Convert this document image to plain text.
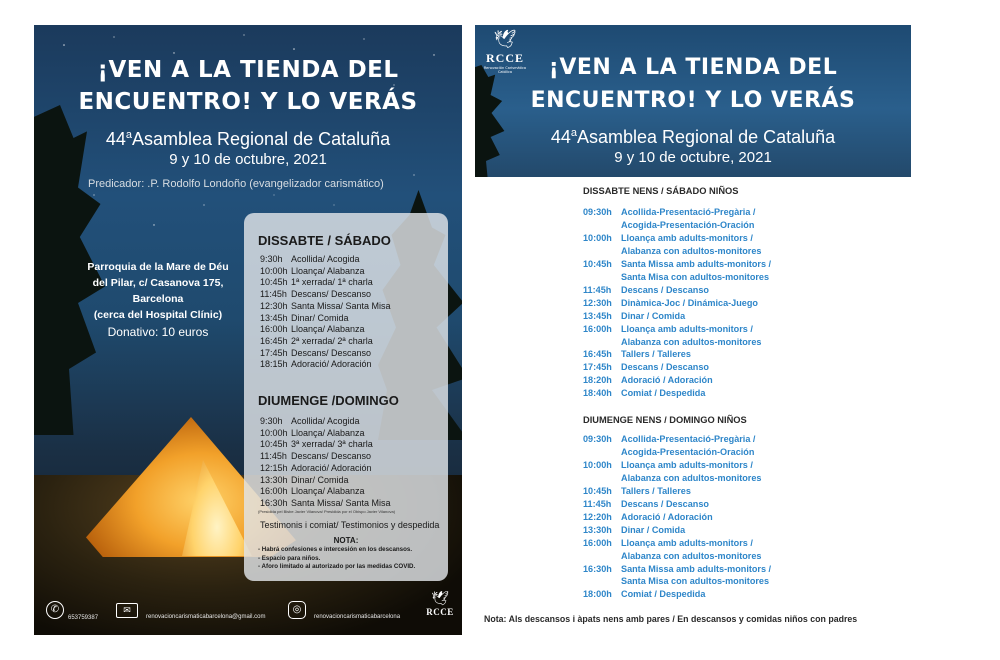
¡VEN A LA TIENDA DEL
ENCUENTRO! Y LO VERÁS
44$^a$Asamblea Regional de Cataluña
9 y 10 de octubre, 2021
Predicador: .P. Rodolfo Londoño (evangelizador carismático)
Parroquia de la Mare de Déu
del Pilar, c/ Casanova 175,
Barcelona
(cerca del Hospital Clínic)
Donativo: 10 euros
DISSABTE / SÁBADO
9:30h Acollida/ Acogida
10:00h Lloança/ Alabanza
10:45h 1ª xerrada/ 1ª charla
11:45h Descans/ Descanso
12:30h Santa Missa/ Santa Misa
13:45h Dinar/ Comida
16:00h Lloança/ Alabanza
16:45h 2ª xerrada/ 2ª charla
17:45h Descans/ Descanso
18:15h Adoració/ Adoración
DIUMENGE /DOMINGO
9:30h Acollida/ Acogida
10:00h Lloança/ Alabanza
10:45h 3ª xerrada/ 3ª charla
11:45h Descans/ Descanso
12:15h Adoració/ Adoración
13:30h Dinar/ Comida
16:00h Lloança/ Alabanza
16:30h Santa Missa/ Santa Misa
(Presidida pel Bisbe Javier Vilanova/ Presidida por el Obispo Javier Vilanova)
Testimonis i comiat/ Testimonios y despedida
NOTA:
- Habrá confesiones e intercesión en los descansos.
- Espacio para niños.
- Aforo limitado al autorizado por las medidas COVID.
✆
653759387
✉
renovacioncarismaticabarcelona@gmail.com
◎
renovacioncarismaticabarcelona
🕊
RCCE
🕊
RCCE
Renovación Carismática Católica	¡VEN A LA TIENDA DEL
ENCUENTRO! Y LO VERÁS
44$^a$Asamblea Regional de Cataluña
9 y 10 de octubre, 2021
DISSABTE NENS / SÁBADO NIÑOS
09:30h	Acollida-Presentació-Pregària /
Acogida-Presentación-Oración
10:00h	Lloança amb adults-monitors /
Alabanza con adultos-monitores
10:45h	Santa Missa amb adults-monitors /
Santa Misa con adultos-monitores
11:45h	Descans / Descanso
12:30h	Dinàmica-Joc / Dinámica-Juego
13:45h	Dinar / Comida
16:00h	Lloança amb adults-monitors /
Alabanza con adultos-monitores
16:45h	Tallers / Talleres
17:45h	Descans / Descanso
18:20h	Adoració / Adoración
18:40h	Comiat / Despedida
DIUMENGE NENS / DOMINGO NIÑOS
09:30h	Acollida-Presentació-Pregària /
Acogida-Presentación-Oración
10:00h	Lloança amb adults-monitors /
Alabanza con adultos-monitores
10:45h	Tallers / Talleres
11:45h	Descans / Descanso
12:20h	Adoració / Adoración
13:30h	Dinar / Comida
16:00h	Lloança amb adults-monitors /
Alabanza con adultos-monitores
16:30h	Santa Missa amb adults-monitors /
Santa Misa con adultos-monitores
18:00h	Comiat / Despedida
Nota: Als descansos i àpats nens amb pares / En descansos y comidas niños con padres
